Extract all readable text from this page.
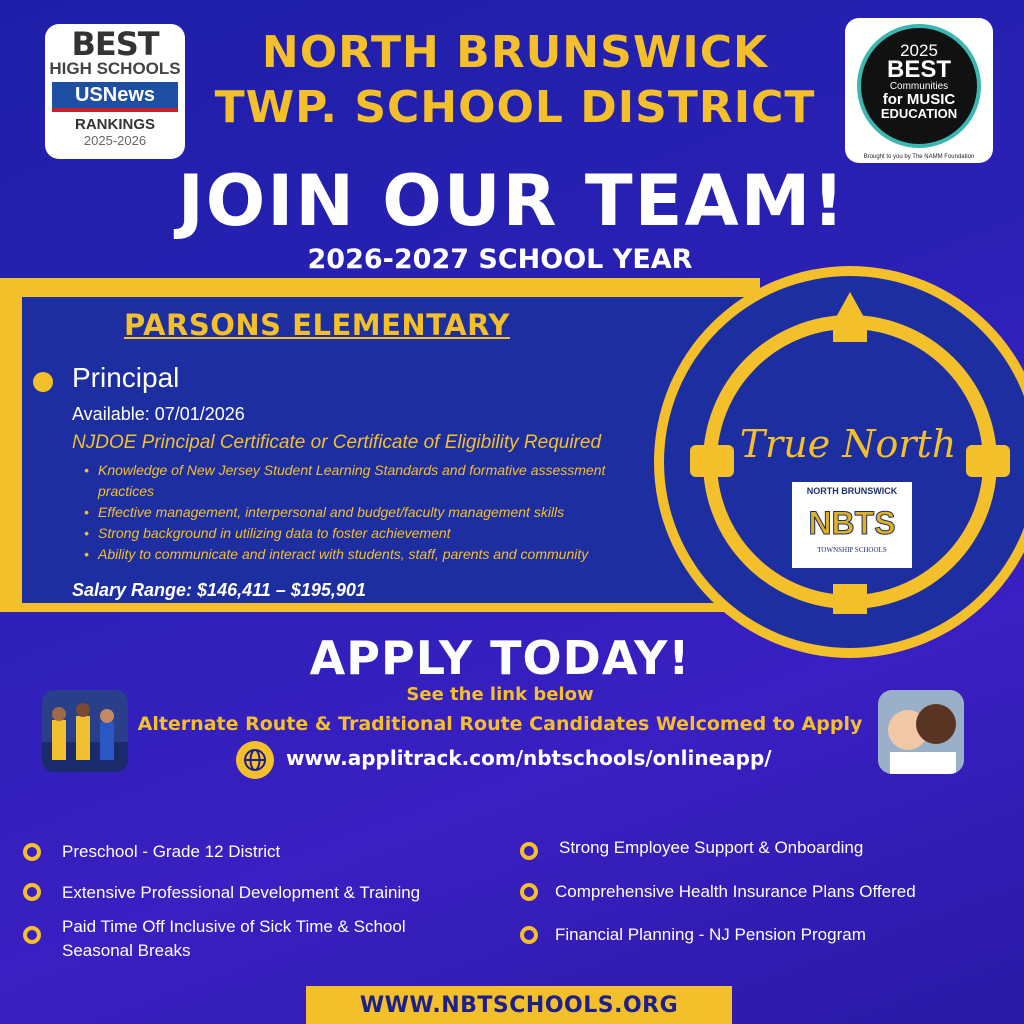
BEST
HIGH SCHOOLS
USNews
RANKINGS
2025-2026
2025
BEST
Communities
for MUSIC
EDUCATION
Brought to you by The NAMM Foundation
NORTH BRUNSWICK
TWP. SCHOOL DISTRICT
JOIN OUR TEAM!
2026-2027 SCHOOL YEAR
PARSONS ELEMENTARY
Principal
Available: 07/01/2026
NJDOE Principal Certificate or Certificate of Eligibility Required
• Knowledge of New Jersey Student Learning Standards and formative assessment practices
• Effective management, interpersonal and budget/faculty management skills
• Strong background in utilizing data to foster achievement
• Ability to communicate and interact with students, staff, parents and community
Salary Range: $146,411 – $195,901
True North
NORTH BRUNSWICK
NBTS
TOWNSHIP SCHOOLS
APPLY TODAY!
See the link below
Alternate Route & Traditional Route Candidates Welcomed to Apply
www.applitrack.com/nbtschools/onlineapp/
Preschool - Grade 12 District
Extensive Professional Development & Training
Paid Time Off Inclusive of Sick Time & School Seasonal Breaks
Strong Employee Support & Onboarding
Comprehensive Health Insurance Plans Offered
Financial Planning - NJ Pension Program
WWW.NBTSCHOOLS.ORG
